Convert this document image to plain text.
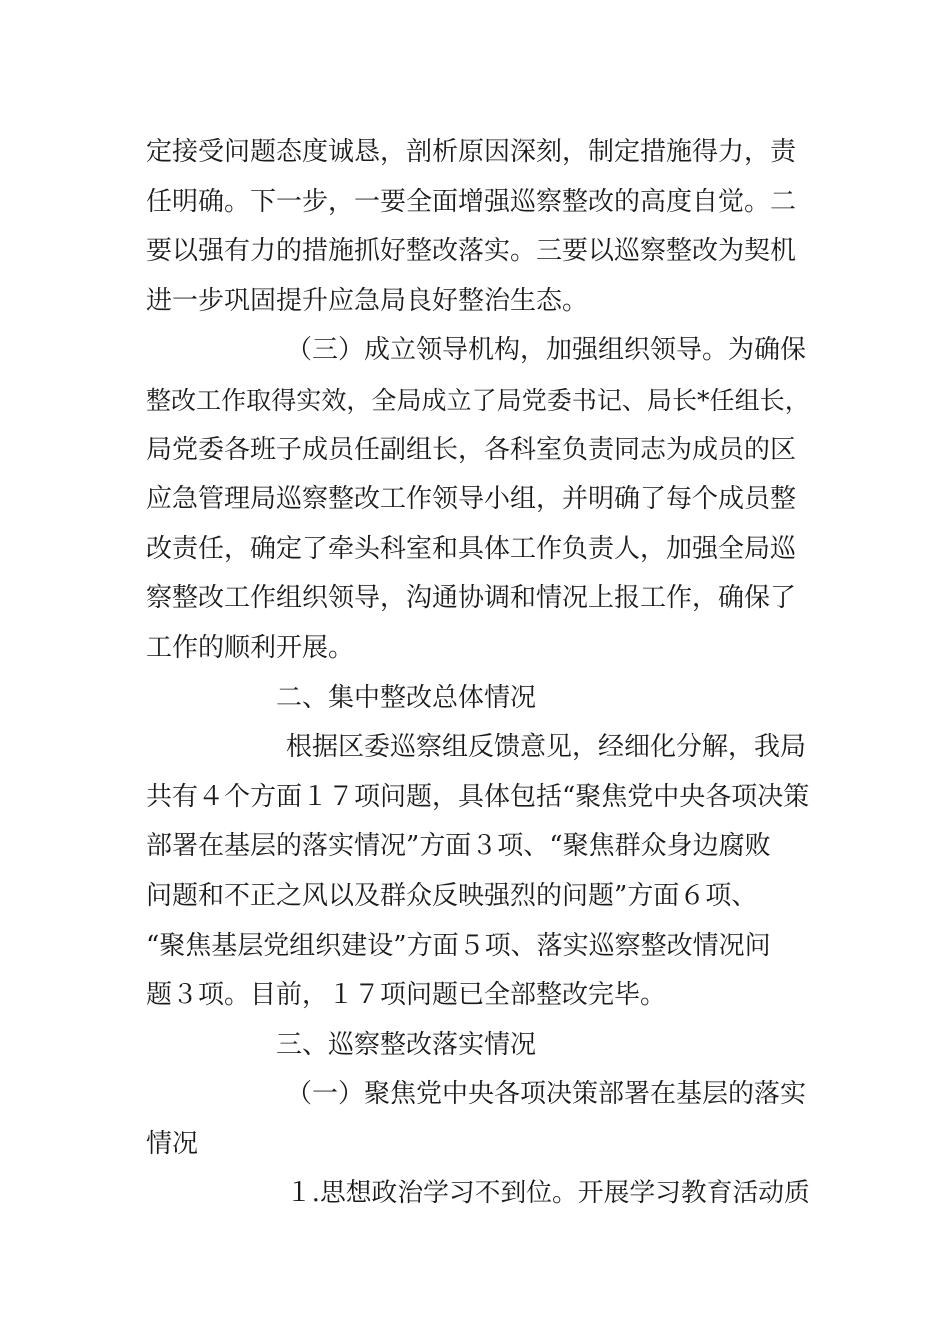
定接受问题态度诚恳，剖析原因深刻，制定措施得力，责
任明确。下一步，一要全面增强巡察整改的高度自觉。二
要以强有力的措施抓好整改落实。三要以巡察整改为契机
进一步巩固提升应急局良好整治生态。
（三）成立领导机构，加强组织领导。为确保
整改工作取得实效，全局成立了局党委书记、局长*任组长，
局党委各班子成员任副组长，各科室负责同志为成员的区
应急管理局巡察整改工作领导小组，并明确了每个成员整
改责任，确定了牵头科室和具体工作负责人，加强全局巡
察整改工作组织领导，沟通协调和情况上报工作，确保了
工作的顺利开展。
二、集中整改总体情况
根据区委巡察组反馈意见，经细化分解，我局
共有４个方面１７项问题，具体包括“聚焦党中央各项决策
部署在基层的落实情况”方面３项、“聚焦群众身边腐败
问题和不正之风以及群众反映强烈的问题”方面６项、
“聚焦基层党组织建设”方面５项、落实巡察整改情况问
题３项。目前，１７项问题已全部整改完毕。
三、巡察整改落实情况
（一）聚焦党中央各项决策部署在基层的落实
情况
１.思想政治学习不到位。开展学习教育活动质
